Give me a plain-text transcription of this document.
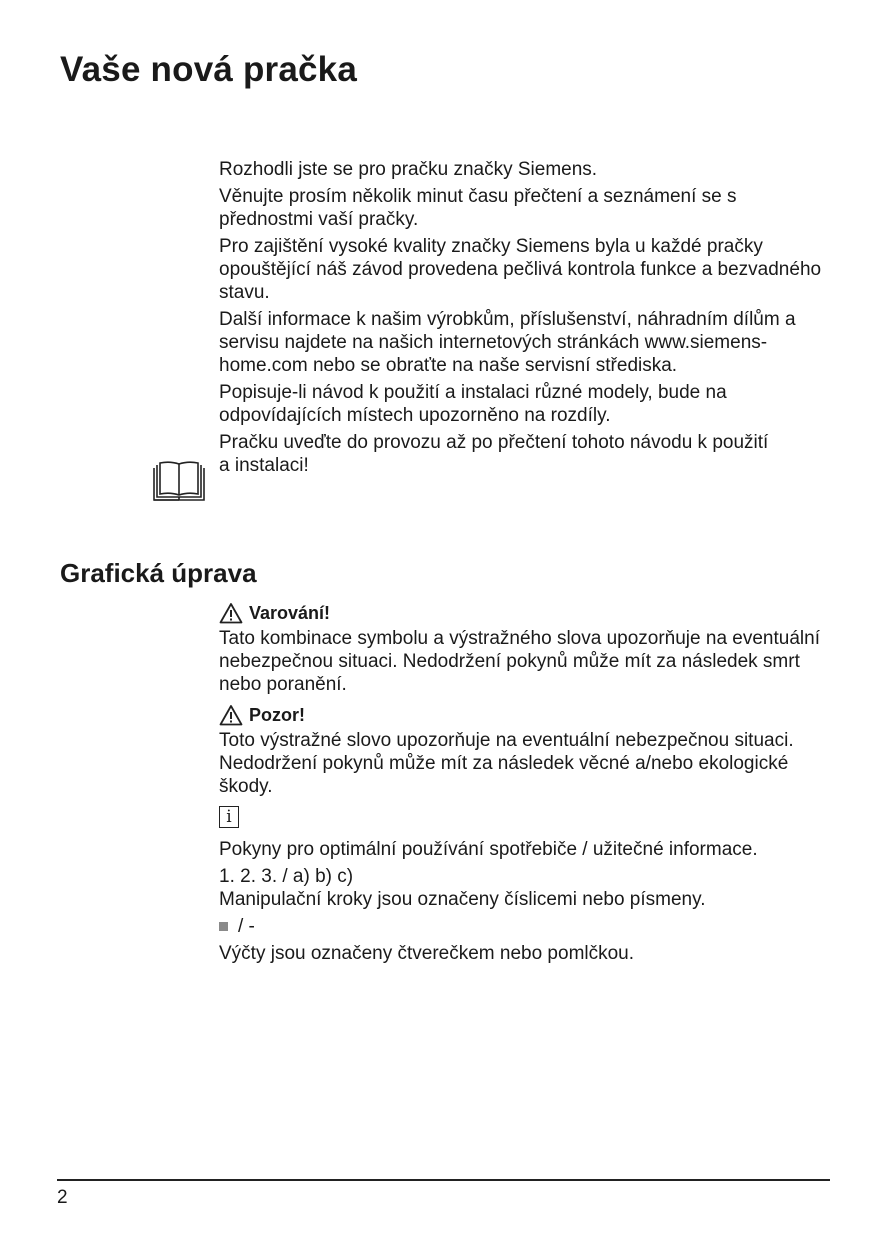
Vaše nová pračka

Rozhodli jste se pro pračku značky Siemens.

Věnujte prosím několik minut času přečtení a seznámení se s přednostmi vaší pračky.

Pro zajištění vysoké kvality značky Siemens byla u každé pračky opouštějící náš závod provedena pečlivá kontrola funkce a bezvadného stavu.

Další informace k našim výrobkům, příslušenství, náhradním dílům a servisu najdete na našich internetových stránkách www.siemens-home.com nebo se obraťte na naše servisní střediska.

Popisuje-li návod k použití a instalaci různé modely, bude na odpovídajících místech upozorněno na rozdíly.

Pračku uveďte do provozu až po přečtení tohoto návodu k použití a instalaci!

Grafická úprava
Varování!

Tato kombinace symbolu a výstražného slova upozorňuje na eventuální nebezpečnou situaci. Nedodržení pokynů může mít za následek smrt nebo poranění.

Pozor!

Toto výstražné slovo upozorňuje na eventuální nebezpečnou situaci. Nedodržení pokynů může mít za následek věcné a/nebo ekologické škody.

i

Pokyny pro optimální používání spotřebiče / užitečné informace.

1. 2. 3. / a) b) c)

Manipulační kroky jsou označeny číslicemi nebo písmeny.

/ -

Výčty jsou označeny čtverečkem nebo pomlčkou.

2
